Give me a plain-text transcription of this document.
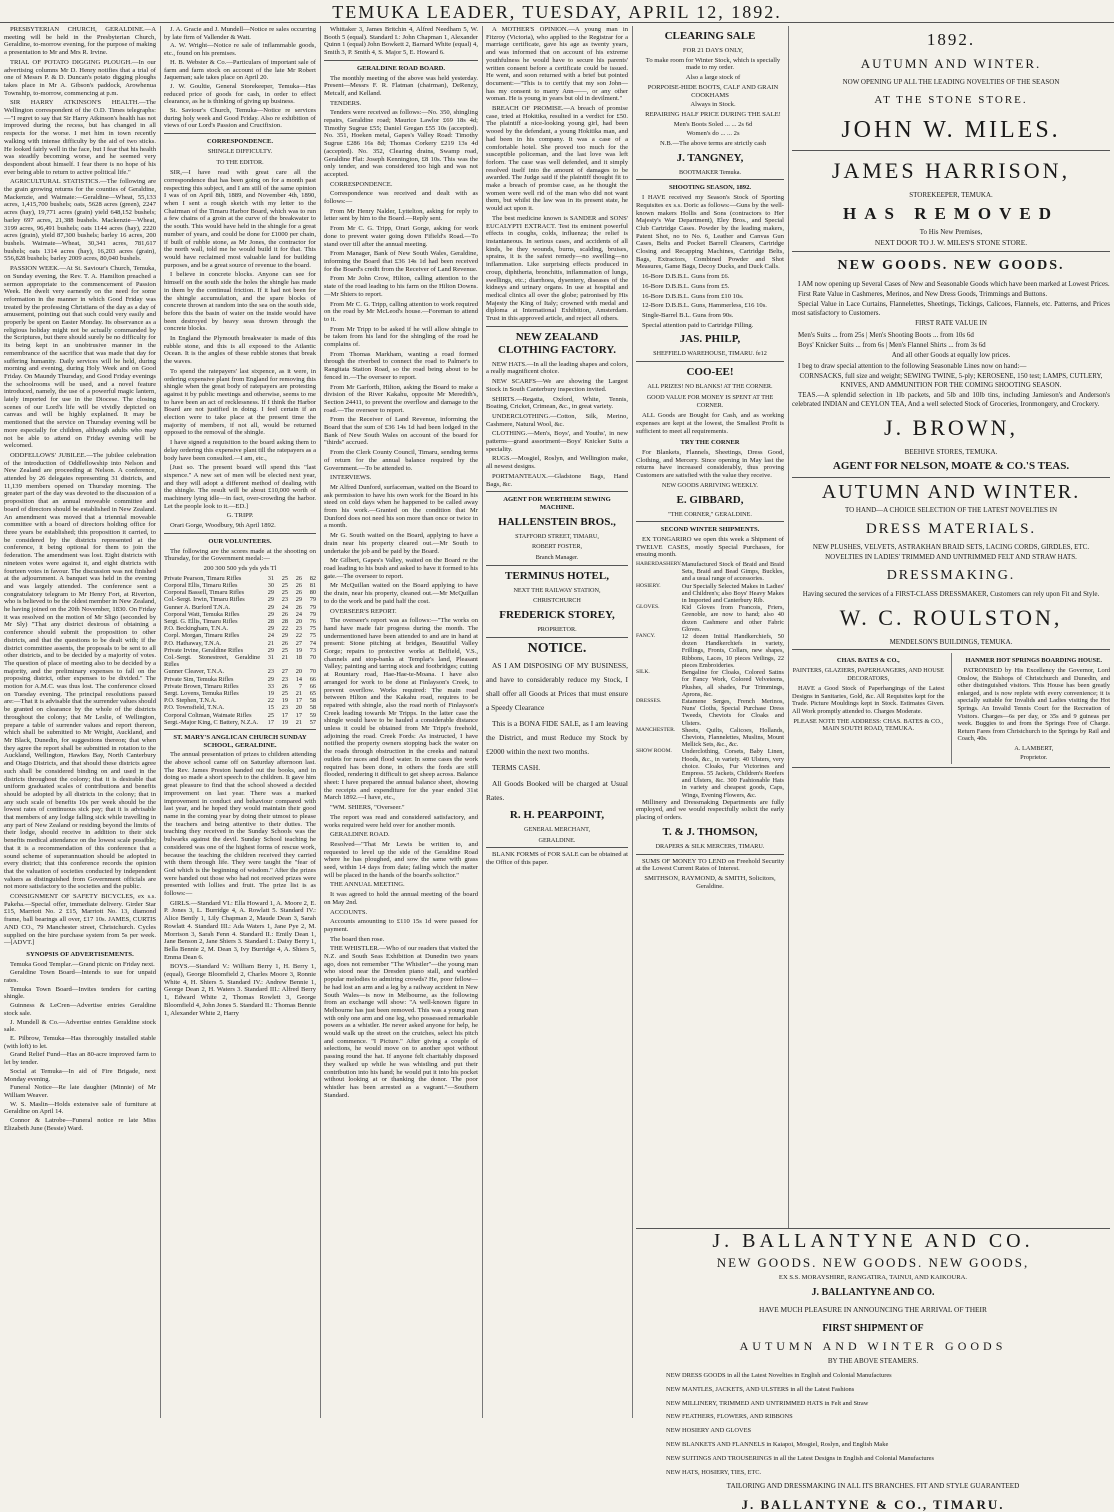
TEMUKA LEADER, TUESDAY, APRIL 12, 1892.

PRESBYTERIAN CHURCH, GERALDINE.—A meeting will be held in the Presbyterian Church, Geraldine, to-morrow evening, for the purpose of making a presentation to Mr and Mrs R. Irvine.

TRIAL OF POTATO DIGGING PLOUGH.—In our advertising columns Mr D. Henry notifies that a trial of one of Messrs P. & D. Duncan's potato digging ploughs takes place in Mr A. Gibson's paddock, Arowhenua Township, to-morrow, commencing at p.m.

SIR HARRY ATKINSON'S HEALTH.—The Wellington correspondent of the O.D. Times telegraphs:—"I regret to say that Sir Harry Atkinson's health has not improved during the recess, but has changed in all respects for the worse. I met him in town recently walking with intense difficulty by the aid of two sticks. He looked fairly well in the face, but I fear that his health was steadily becoming worse, and he seemed very despondent about himself. I fear there is no hope of his ever being able to return to active political life."

AGRICULTURAL STATISTICS.—The following are the grain growing returns for the counties of Geraldine, Mackenzie, and Waimate:—Geraldine—Wheat, 55,133 acres, 1,415,700 bushels; oats, 5628 acres (green), 2247 acres (hay), 19,771 acres (grain) yield 648,152 bushels; barley 697 acres, 21,388 bushels. Mackenzie—Wheat, 3199 acres, 96,491 bushels; oats 1144 acres (hay), 2220 acres (grain), yield 87,300 bushels; barley 16 acres, 200 bushels. Waimate—Wheat, 30,341 acres, 781,617 bushels; oats 1314 acres (hay), 16,203 acres (grain), 556,828 bushels; barley 2009 acres, 80,040 bushels.

PASSION WEEK.—At St. Saviour's Church, Temuka, on Sunday evening, the Rev. T. A. Hamilton preached a sermon appropriate to the commencement of Passion Week. He dwelt very earnestly on the need for some reformation in the manner in which Good Friday was treated by the professing Christians of the day as a day of amusement, pointing out that such could very easily and properly be spent on Easter Monday. Its observance as a religious holiday might not be actually commanded by the Scriptures, but there should surely be no difficulty for its being kept in an unobtrusive manner in the remembrance of the sacrifice that was made that day for suffering humanity. Daily services will be held, during morning and evening, during Holy Week and on Good Friday. On Maundy Thursday, and Good Friday evenings the schoolrooms will be used, and a novel feature introduced, namely, the use of a powerful magic lantern, lately imported for use in the Diocese. The closing scenes of our Lord's life will be vividly depicted on canvas and will be highly explained. It may be mentioned that the service on Thursday evening will be more especially for children, although adults who may not be able to attend on Friday evening will be welcomed.

ODDFELLOWS' JUBILEE.—The jubilee celebration of the introduction of Oddfellowship into Nelson and New Zealand are proceeding at Nelson. A conference, attended by 26 delegates representing 31 districts, and 11,139 members opened on Thursday morning. The greater part of the day was devoted to the discussion of a proposition that an annual moveable committee and board of directors should be established in New Zealand. An amendment was moved that a triennial moveable committee with a board of directors holding office for three years be established; this proposition it carried, to be considered by the districts represented at the conference, it being optional for them to join the federation. The amendment was lost. Eight districts with nineteen votes were against it, and eight districts with fourteen votes in favour. The discussion was not finished at the adjournment. A banquet was held in the evening and was largely attended. The conference sent a congratulatory telegram to Mr Henry Fort, at Riverton, who is believed to be the oldest member in New Zealand, he having joined on the 20th November, 1830. On Friday it was resolved on the motion of Mr Sligo (seconded by Mr Sly) "That any district desirous of obtaining a conference should submit the proposition to other districts, and that the questions to be dealt with; if the district committee assents, the proposals to be sent to all other districts, and to be decided by a majority of votes. The question of place of meeting also to be decided by a majority, and the preliminary expenses to fall on the proposing district, other expenses to be divided." The motion for A.M.C. was thus lost. The conference closed on Tuesday evening. The principal resolutions passed are:—That it is advisable that the surrender values should be granted on clearance by the whole of the districts throughout the colony; that Mr Leslie, of Wellington, prepare a table of surrender values and report thereon, which shall be submitted to Mr Wright, Auckland, and Mr Black, Dunedin, for suggestions thereon; that when they agree the report shall be submitted in rotation to the Auckland, Wellington, Hawkes Bay, North Canterbury and Otago Districts, and that should these districts agree such shall be considered binding on and used in the districts throughout the colony; that it is desirable that uniform graduated scales of contributions and benefits should be adopted by all districts in the colony; that in any such scale of benefits 10s per week should be the lowest rates of continuous sick pay; that it is advisable that members of any lodge falling sick while travelling in any part of New Zealand or residing beyond the limits of their lodge, should receive in addition to their sick benefits medical attendance on the lowest scale possible; that it is a recommendation of this conference that a sound scheme of superannuation should be adopted in every district; that this conference records the opinion that the valuation of societies conducted by independent valuers as distinguished from Government officials are not more satisfactory to the societies and the public.

CONSIGNMENT OF SAFETY BICYCLES, ex s.s. Pakeha.—Special offer, immediate delivery. Girder Star £15, Marriott No. 2 £15, Marriott No. 13, diamond frame, ball bearings all over, £17 10s. JAMES, CURTIS AND CO., 79 Manchester street, Christchurch. Cycles supplied on the hire purchase system from 5s per week.—[ADVT.]

SYNOPSIS OF ADVERTISEMENTS.

Temuka Good Templar.—Grand picnic on Friday next.

Geraldine Town Board—Intends to sue for unpaid rates.

Temuka Town Board—Invites tenders for carting shingle.

Guinness & LeCren—Advertise entries Geraldine stock sale.

J. Mundell & Co.—Advertise entries Geraldine stock sale.

E. Pilbrow, Temuka—Has thoroughly installed stable (with loft) to let.

Grand Relief Fund—Has an 80-acre improved farm to let by tender.

Social at Temuka—In aid of Fire Brigade, next Monday evening.

Funeral Notice—Re late daughter (Minnie) of Mr William Weaver.

W. S. Maslin—Holds extensive sale of furniture at Geraldine on April 14.

Connor & Latrobe—Funeral notice re late Miss Elizabeth June (Bessie) Ward.

J. A. Gracie and J. Mundell—Notice re sales occurring by late firm of Vallender & Watt.

A. W. Wright—Notice re sale of inflammable goods, etc., found on his premises.

H. B. Webster & Co.—Particulars of important sale of farm and farm stock on account of the late Mr Robert Jaqueman; sale takes place on April 20.

J. W. Goultie, General Storekeeper, Temuka—Has reduced price of goods for cash, in order to effect clearance, as he is thinking of giving up business.

St. Saviour's Church, Temuka—Notice re services during holy week and Good Friday. Also re exhibition of views of our Lord's Passion and Crucifixion.

CORRESPONDENCE.
SHINGLE DIFFICULTY.
TO THE EDITOR.

SIR,—I have read with great care all the correspondence that has been going on for a month past respecting this subject, and I am still of the same opinion I was of on April 8th, 1889, and November 4th, 1890, when I sent a rough sketch with my letter to the Chairman of the Timaru Harbor Board, which was to run a few chains of a groin at the curve of the breakwater to the south. This would have held in the shingle for a great number of years, and could be done for £1000 per chain, if built of rubble stone, as Mr Jones, the contractor for the north wall, told me he would build it for that. This would have reclaimed most valuable land for building purposes, and be a great source of revenue to the board.

I believe in concrete blocks. Anyone can see for himself on the south side the holes the shingle has made in them by the continual friction. If it had not been for the shingle accumulation, and the spare blocks of concrete thrown at random into the sea on the south side, before this the basin of water on the inside would have been destroyed by heavy seas thrown through the concrete blocks.

In England the Plymouth breakwater is made of this rubble stone, and this is all exposed to the Atlantic Ocean. It is the angles of these rubble stones that break the waves.

To spend the ratepayers' last sixpence, as it were, in ordering expensive plant from England for removing this shingle when the great body of ratepayers are protesting against it by public meetings and otherwise, seems to me to have been an act of recklessness. If I think the Harbor Board are not justified in doing. I feel certain if an election were to take place at the present time the majority of members, if not all, would be returned opposed to the removal of the shingle.

I have signed a requisition to the board asking them to delay ordering this expensive plant till the ratepayers as a body have been consulted.—I am, etc.,

[Just so. The present board will spend this "last sixpence." A new set of men will be elected next year, and they will adopt a different method of dealing with the shingle. The result will be about £10,000 worth of machinery lying idle—in fact, over-crowding the harbor. Let the people look to it.—ED.]

G. TRIPP.

Orari Gorge, Woodbury, 9th April 1892.

OUR VOLUNTEERS.

The following are the scores made at the shooting on Thursday, for the Government medal:—

200 300 500 yds yds yds Tl

Private Pearson, Timaru Rifles	31	25	26	82
Corporal Ellis, Timaru Rifles	30	25	26	81
Corporal Bassell, Timaru Rifles	29	25	26	80
Col.-Sergt. Irwin, Timaru Rifles	29	23	29	79
Gunner A. Burford T.N.A.	29	24	26	79
Corporal Watt, Temuka Rifles	29	26	24	79
Sergt. G. Ellis, Timaru Rifles	28	28	20	76
P.O. Beckingham, T.N.A.	29	22	23	75
Corpl. Morgan, Timaru Rifles	24	29	22	75
P.O. Hathaway, T.N.A.	21	26	27	74
Private Irvine, Geraldine Rifles	29	25	19	73
Col.-Sergt. Stonestreet, Geraldine Rifles	31	21	18	70
Gunner Cleaver, T.N.A.	23	27	20	70
Private Sim, Temuka Rifles	29	23	14	66
Private Brown, Timaru Rifles	33	26	7	66
Sergt. Lovens, Temuka Rifles	19	25	21	65
P.O. Stephen, T.N.A.	22	19	17	58
P.O. Townsfield, T.N.A.	15	23	20	58
Corporal Coltman, Waimate Rifles	25	17	17	59
Sergt.-Major King, C Battery, N.Z.A.	17	19	21	57
ST. MARY'S ANGLICAN CHURCH SUNDAY SCHOOL, GERALDINE.

The annual presentation of prizes to children attending the above school came off on Saturday afternoon last. The Rev. James Preston handed out the books, and in doing so made a short speech to the children. It gave him great pleasure to find that the school showed a decided improvement on last year. There was a marked improvement in conduct and behaviour compared with last year, and he hoped they would maintain their good name in the coming year by doing their utmost to please the teachers and being attentive to their duties. The teaching they received in the Sunday Schools was the bulwarks against the devil. Sunday School teaching he considered was one of the highest forms of rescue work, because the teaching the children received they carried with them through life. They were taught the "fear of God which is the beginning of wisdom." After the prizes were handed out those who had not received prizes were presented with lollies and fruit. The prize list is as follows:—

GIRLS.—Standard VI.: Ella Howard 1, A. Moore 2, E. P. Jones 3, L. Burridge 4, A. Rowlatt 5. Standard IV.: Alice Bently 1, Lily Chapman 2, Maude Dean 3, Sarah Rowlatt 4. Standard III.: Ada Waters 1, Jane Pye 2, M. Morrison 3, Sarah Fenn 4. Standard II.: Emily Dean 1, Jane Benson 2, Jane Shiers 3. Standard I.: Daisy Berry 1, Bella Bennie 2, M. Dean 3, Ivy Burridge 4, A. Shiers 5, Emma Dean 6.

BOYS.—Standard V.: William Berry 1, H. Berry 1, (equal), George Bloomfield 2, Charles Moore 3, Ronnie White 4, H. Shiers 5. Standard IV.: Andrew Bennie 1, George Dean 2, H. Waters 3. Standard III.: Alfred Berry 1, Edward White 2, Thomas Rowlett 3, George Bloomfield 4, John Jones 5. Standard II.: Thomas Bennie 1, Alexander White 2, Harry

Whittaker 3, James Britchin 4, Alfred Needham 5, W. Booth 5 (equal). Standard I.: John Chapman 1, Alexander Quinn 1 (equal) John Bowkett 2, Barnard White (equal) 4, Smith 3, P. Smith 4, S. Major 5, E. Howard 6.

GERALDINE ROAD BOARD.

The monthly meeting of the above was held yesterday. Present—Messrs F. R. Flatman (chairman), DeRenzy, Metcalf, and Kelland.

TENDERS.

Tenders were received as follows:—No. 350, shingling repairs, Geraldine road; Maurice Lawlor £69 18s 4d; Timothy Sugrue £55; Daniel Gregan £55 10s (accepted). No. 351, Hoeken metal, Gapes's Valley Road: Timothy Sugrue £286 16s 8d; Thomas Corkery £219 13s 4d (accepted). No. 352, Clearing drains, Swamp road, Geraldine Flat: Joseph Kennington, £8 10s. This was the only tender, and was considered too high and was not accepted.

CORRESPONDENCE.

Correspondence was received and dealt with as follows:—

From Mr Henry Nalder, Lyttelton, asking for reply to letter sent by him to the Board.—Reply sent.

From Mr C. G. Tripp, Orari Gorge, asking for work done to prevent water going down Fifield's Road.—To stand over till after the annual meeting.

From Manager, Bank of New South Wales, Geraldine, informing the Board that £36 14s 1d had been received for the Board's credit from the Receiver of Land Revenue.

From Mr John Crow, Hilton, calling attention to the state of the road leading to his farm on the Hilton Downs.—Mr Shiers to report.

From Mr C. G. Tripp, calling attention to work required on the road by Mr McLeod's house.—Foreman to attend to it.

From Mr Tripp to be asked if he will allow shingle to be taken from his land for the shingling of the road he complains of.

From Thomas Markham, wanting a road formed through the riverbed to connect the road to Palmer's to Rangitata Station Road, so the road being about to be fenced in.—The overseer to report.

From Mr Garforth, Hilton, asking the Board to make a division of the River Kakahu, opposite Mr Meredith's, Section 24411, to prevent the overflow and damage to the road.—The overseer to report.

From the Receiver of Land Revenue, informing the Board that the sum of £36 14s 1d had been lodged in the Bank of New South Wales on account of the board for "thirds" accrued.

From the Clerk County Council, Timaru, sending terms of return for the annual balance required by the Government.—To be attended to.

INTERVIEWS.

Mr Alfred Dunford, surfaceman, waited on the Board to ask permission to have his own work for the Board in his steed on cold days when he happened to be called away from his work.—Granted on the condition that Mr Dunford does not need his son more than once or twice in a month.

Mr G. South waited on the Board, applying to have a drain near his property cleared out.—Mr South to undertake the job and be paid by the Board.

Mr Gilbert, Gapes's Valley, waited on the Board re the road leading to his bush and asked to have it formed to his gate.—The overseer to report.

Mr McQuillan waited on the Board applying to have the drain, near his property, cleaned out.—Mr McQuillan to do the work and be paid half the cost.

OVERSEER'S REPORT.

The overseer's report was as follows:—"The works on hand have made fair progress during the month. The undermentioned have been attended to and are in hand at present: Stone pitching at bridges, Beautiful Valley Gorge; repairs to protective works at Belfield, V.S., channels and stop-banks at Templar's land, Pleasant Valley; painting and tarring stock and footbridges; cutting at Rountary road, Hae-Hae-te-Moana. I have also arranged for work to be done at Finlayson's Creek, to prevent overflow. Works required: The main road between Hilton and the Kakahu road, requires to be repaired with shingle, also the road north of Finlayson's Creek leading towards Mr Tripps. In the latter case the shingle would have to be hauled a considerable distance unless it could be obtained from Mr Tripp's freehold, adjoining the road. Creek Fords: As instructed, I have notified the property owners stopping back the water on the roads through obstruction in the creeks and natural outlets for races and flood water. In some cases the work required has been done, in others the fords are still flooded, rendering it difficult to get sheep across. Balance sheet: I have prepared the annual balance sheet, showing the receipts and expenditure for the year ended 31st March 1892.—I have, etc.,

"WM. SHIERS, "Overseer."

The report was read and considered satisfactory, and works required were held over for another month.

GERALDINE ROAD.

Resolved—"That Mr Lewis be written to, and requested to level up the side of the Geraldine Road where he has ploughed, and sow the same with grass seed, within 14 days from date; failing which the matter will be placed in the hands of the board's solicitor."

THE ANNUAL MEETING.

It was agreed to hold the annual meeting of the board on May 2nd.

ACCOUNTS.

Accounts amounting to £110 15s 1d were passed for payment.

The board then rose.

THE WHISTLER.—Who of our readers that visited the N.Z. and South Seas Exhibition at Dunedin two years ago, does not remember "The Whistler"—the young man who stood near the Dresden piano stall, and warbled popular melodies to admiring crowds? He, poor fellow—he had lost an arm and a leg by a railway accident in New South Wales—is now in Melbourne, as the following from an exchange will show: "A well-known figure in Melbourne has just been removed. This was a young man with only one arm and one leg, who possessed remarkable powers as a whistler. He never asked anyone for help, he would walk up the street on the crutches, select his pitch and commence. "I Picture." After giving a couple of selections, he would move on to another spot without passing round the hat. If anyone felt charitably disposed they walked up while he was whistling and put their contribution into his hand; he would put it into his pocket without looking at or thanking the donor. The poor whistler has been arrested as a vagrant."—Southern Standard.

A MOTHER'S OPINION.—A young man in Fitzroy (Victoria), who applied to the Registrar for a marriage certificate, gave his age as twenty years, and was informed that on account of his extreme youthfulness he would have to secure his parents' written consent before a certificate could be issued. He went, and soon returned with a brief but pointed document:—"This is to certify that my son John—has my consent to marry Ann——, or any other woman. He is young in years but old in devilment."

BREACH OF PROMISE.—A breach of promise case, tried at Hokitika, resulted in a verdict for £50. The plaintiff a nice-looking young girl, had been wooed by the defendant, a young Hokitika man, and had been in his company. It was a case of a comfortable hotel. She proved too much for the susceptible policeman, and the last love was left forlorn. The case was well defended, and it simply resolved itself into the amount of damages to be awarded. The Judge said if the plaintiff thought fit to make a breach of promise case, as he thought the women were well rid of the man who did not want them, but whilst the law was in its present state, he would act upon it.

The best medicine known is SANDER and SONS' EUCALYPTI EXTRACT. Test its eminent powerful effects in coughs, colds, influenza; the relief is instantaneous. In serious cases, and accidents of all kinds, be they wounds, burns, scalding, bruises, sprains, it is the safest remedy—no swelling—no inflammation. Like surprising effects produced in croup, diphtheria, bronchitis, inflammation of lungs, swellings, etc.; diarrhoea, dysentery, diseases of the kidneys and urinary organs. In use at hospital and medical clinics all over the globe; patronised by His Majesty the King of Italy; crowned with medal and diploma at International Exhibition, Amsterdam. Trust in this approved article, and reject all others.

NEW ZEALAND CLOTHING FACTORY.

NEW HATS.—In all the leading shapes and colors, a really magnificent choice.

NEW SCARFS—We are showing the Largest Stock in South Canterbury inspection invited.

SHIRTS.—Regatta, Oxford, White, Tennis, Boating, Cricket, Crimean, &c., in great variety.

UNDERCLOTHING.—Cotton, Silk, Merino, Cashmere, Natural Wool, &c.

CLOTHING.—Men's, Boys', and Youths', in new patterns—grand assortment—Boys' Knicker Suits a speciality.

RUGS.—Mosgiel, Roslyn, and Wellington make, all newest designs.

PORTMANTEAUX.—Gladstone Bags, Hand Bags, &c.

AGENT FOR WERTHEIM SEWING MACHINE.
HALLENSTEIN BROS.,
STAFFORD STREET, TIMARU,
ROBERT FOSTER,
Branch Manager.
TERMINUS HOTEL,
NEXT THE RAILWAY STATION,
CHRISTCHURCH
FREDERICK STOREY,
PROPRIETOR.
NOTICE.

AS I AM DISPOSING OF MY BUSINESS, and have to considerably reduce my Stock, I shall offer all Goods at Prices that must ensure a Speedy Clearance

This is a BONA FIDE SALE, as I am leaving the District, and must Reduce my Stock by £2000 within the next two months.

TERMS CASH.

All Goods Booked will be charged at Usual Rates.

R. H. PEARPOINT,
GENERAL MERCHANT,
GERALDINE.

BLANK FORMS of FOR SALE can be obtained at the Office of this paper.

CLEARING SALE

FOR 21 DAYS ONLY,

To make room for Winter Stock, which is specially made to my order.

Also a large stock of

PORPOISE-HIDE BOOTS, CALF AND GRAIN COOKHAMS

Always in Stock.

REPAIRING HALF PRICE DURING THE SALE!

Men's Boots Soled ... ... 2s 6d

Women's do ... ... 2s

N.B.—The above terms are strictly cash

J. TANGNEY,
BOOTMAKER Temuka.
SHOOTING SEASON, 1892.

I HAVE received my Season's Stock of Sporting Requisites ex s.s. Doric as follows:—Guns by the well-known makers Hollis and Sons (contractors to Her Majesty's War Department), Eley Bros., and Special Club Cartridge Cases. Powder by the leading makers, Patent Shot, no to No. 6, Leather and Canvas Gun Cases, Belts and Pocket Barrell Cleaners, Cartridge Closing and Recapping Machines, Cartridge Belts, Bags, Extractors, Combined Powder and Shot Measures, Game Bags, Decoy Ducks, and Duck Calls.

16-Bore D.B.B.L. Guns from £6.

16-Bore D.B.B.L. Guns from £5.

16-Bore D.B.B.L. Guns from £10 10s.

12-Bore D.B.B.L. Guns, Hammerless, £16 10s.

Single-Barrel B.L. Guns from 90s.

Special attention paid to Cartridge Filling.

JAS. PHILP,
SHEFFIELD WAREHOUSE, TIMARU. fe12
COO-EE!
ALL PRIZES! NO BLANKS! AT THE CORNER.
GOOD VALUE FOR MONEY IS SPENT AT THE CORNER.

ALL Goods are Bought for Cash, and as working expenses are kept at the lowest, the Smallest Profit is sufficient to meet all requirements.

TRY THE CORNER

For Blankets, Flannels, Sheetings, Dress Good, Clothing, and Mercery. Since opening in May last the returns have increased considerably, thus proving Customers are satisfied with the value they receive.

NEW GOODS ARRIVING WEEKLY.
E. GIBBARD,
"THE CORNER," GERALDINE.
SECOND WINTER SHIPMENTS.

EX TONGARIRO we open this week a Shipment of TWELVE CASES, mostly Special Purchases, for ensuing month.

HABERDASHERY.	Manufactured Stock of Braid and Braid Sets, Braid and Bead Gimps, Buckles, and a usual range of accessories.
HOSIERY.	Our Specially Selected Makes in Ladies' and Children's; also Boys' Heavy Makes in Imported and Canterbury Rib.
GLOVES.	Kid Gloves from Francois, Friers, Grenoble, are now to hand; also 40 dozen Cashmere and other Fabric Gloves.
FANCY.	12 dozen Initial Handkerchiefs, 50 dozen Handkerchiefs in variety, Frillings, Fronts, Collars, new shapes, Ribbons, Laces, 10 pieces Veilings, 22 pieces Embroideries.
SILK.	Bengaline for Cloaks, Colored Satins for Fancy Work, Colored Velveteens, Plushes, all shades, Fur Trimmings, Aprons, &c.
DRESSES.	Estamene Serges, French Merinos, Nuns' Cloths, Special Purchase Dress Tweeds, Cheviots for Cloaks and Ulsters.
MANCHESTER.	Sheets, Quilts, Calicoes, Hollands, Cheviots, Flannelettes, Muslins, Mount Mellick Sets, &c., &c.
SHOW ROOM.	Underclothing, Corsets, Baby Linen, Hoods, &c., in variety. 40 Ulsters, very choice. Cloaks, Fur Victorines and Empress. 55 Jackets, Children's Reefers and Ulsters, &c. 300 Fashionable Hats in variety and cheapest goods, Caps, Wings, Evening Flowers, &c.

Millinery and Dressmaking Departments are fully employed, and we would respectfully solicit the early placing of orders.

T. & J. THOMSON,
DRAPERS & SILK MERCERS, TIMARU.

SUMS OF MONEY TO LEND on Freehold Security at the Lowest Current Rates of Interest.

SMITHSON, RAYMOND, & SMITH, Solicitors, Geraldine.

1892.
AUTUMN AND WINTER.

NOW OPENING UP ALL THE LEADING NOVELTIES OF THE SEASON

AT THE STONE STORE.
JOHN W. MILES.
JAMES HARRISON,
STOREKEEPER, TEMUKA.
HAS REMOVED
To His New Premises,
NEXT DOOR TO J. W. MILES'S STONE STORE.
NEW GOODS. NEW GOODS.

I AM now opening up Several Cases of New and Seasonable Goods which have been marked at Lowest Prices.

First Rate Value in Cashmeres, Merinos, and New Dress Goods, Trimmings and Buttons.

Special Value in Lace Curtains, Flannelettes, Sheetings, Tickings, Calicoes, Flannels, etc. Patterns, and Prices most satisfactory to Customers.

FIRST RATE VALUE IN

Men's Suits ... from 25s | Men's Shooting Boots ... from 10s 6d

Boys' Knicker Suits ... from 6s | Men's Flannel Shirts ... from 3s 6d

And all other Goods at equally low prices.

I beg to draw special attention to the following Seasonable Lines now on hand:—

CORNSACKS, full size and weight; SEWING TWINE, 5-ply; KEROSENE, 150 test; LAMPS, CUTLERY, KNIVES, AND AMMUNITION FOR THE COMING SHOOTING SEASON.

TEAS.—A splendid selection in 1lb packets, and 5lb and 10lb tins, including Jamieson's and Anderson's celebrated INDIAN and CEYLON TEA, And a well selected Stock of Groceries, Ironmongery, and Crockery.

J. BROWN,
BEEHIVE STORES, TEMUKA.
AGENT FOR NELSON, MOATE & CO.'S TEAS.
AUTUMN AND WINTER.

TO HAND—A CHOICE SELECTION OF THE LATEST NOVELTIES IN

DRESS MATERIALS.

NEW PLUSHES, VELVETS, ASTRAKHAN BRAID SETS, LACING CORDS, GIRDLES, ETC.

NOVELTIES IN LADIES' TRIMMED AND UNTRIMMED FELT AND STRAW HATS.

DRESSMAKING.

Having secured the services of a FIRST-CLASS DRESSMAKER, Customers can rely upon Fit and Style.

W. C. ROULSTON,
MENDELSON'S BUILDINGS, TEMUKA.
CHAS. BATES & CO.,
PAINTERS, GLAZIERS, PAPERHANGERS, AND HOUSE DECORATORS,

HAVE a Good Stock of Paperhangings of the Latest Designs in Sanitaries, Gold, &c. All Requisites kept for the Trade. Picture Mouldings kept in Stock. Estimates Given. All Work promptly attended to. Charges Moderate.

PLEASE NOTE THE ADDRESS: CHAS. BATES & CO., MAIN SOUTH ROAD, TEMUKA.

HANMER HOT SPRINGS BOARDING HOUSE.

PATRONISED by His Excellency the Governor, Lord Onslow, the Bishops of Christchurch and Dunedin, and other distinguished visitors. This House has been greatly enlarged, and is now replete with every convenience; it is specially suitable for Invalids and Ladies visiting the Hot Springs. An Invalid Tennis Court for the Recreation of Visitors. Charges—6s per day, or 35s and 9 guineas per week. Buggies to and from the Springs Free of Charge. Return Fares from Christchurch to the Springs by Rail and Coach, 40s.

A. LAMBERT,

Proprietor.

J. BALLANTYNE AND CO.
NEW GOODS. NEW GOODS. NEW GOODS,
EX S.S. MORAYSHIRE, RANGATIRA, TAINUI, AND KAIKOURA.
J. BALLANTYNE AND CO.

HAVE MUCH PLEASURE IN ANNOUNCING THE ARRIVAL OF THEIR

FIRST SHIPMENT OF
AUTUMN AND WINTER GOODS
BY THE ABOVE STEAMERS.

NEW DRESS GOODS in all the Latest Novelties in English and Colonial Manufactures

NEW MANTLES, JACKETS, AND ULSTERS in all the Latest Fashions

NEW MILLINERY, TRIMMED AND UNTRIMMED HATS in Felt and Straw

NEW FEATHERS, FLOWERS, AND RIBBONS

NEW HOSIERY AND GLOVES

NEW BLANKETS AND FLANNELS in Kaiapoi, Mosgiel, Roslyn, and English Make

NEW SUITINGS AND TROUSERINGS in all the Latest Designs in English and Colonial Manufactures

NEW HATS, HOSIERY, TIES, ETC.

TAILORING AND DRESSMAKING IN ALL ITS BRANCHES. FIT AND STYLE GUARANTEED

J. BALLANTYNE & CO., TIMARU.
